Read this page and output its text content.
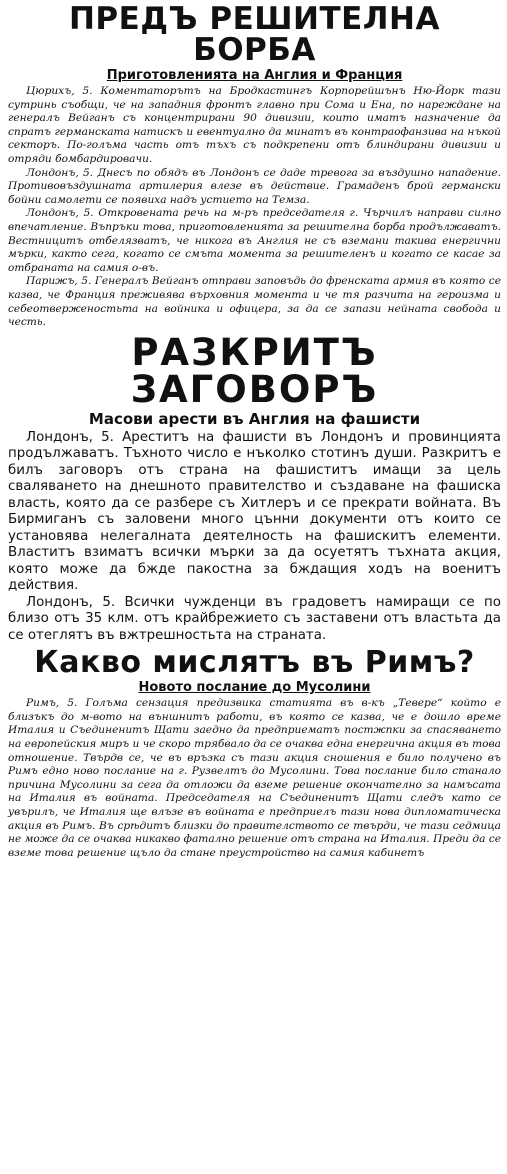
ПРЕДЪ РЕШИТЕЛНА БОРБА
Приготовленията на Англия и Франция

Цюрихъ, 5. Коментаторътъ на Бродкастингъ Корпорейшънъ Ню-Йорк тази сутринь съобщи, че на западния фронтъ главно при Сома и Ена, по нареждане на генералъ Вейганъ съ концентрирани 90 дивизии, които иматъ назначение да спратъ германската натискъ и евентуално да минатъ въ контраофанзива на нъкой секторъ. По-голъма часть отъ тъхъ съ подкрепени отъ блиндирани дивизии и отряди бомбардировачи.

Лондонъ, 5. Днесъ по обядъ въ Лондонъ се даде тревога за въздушно нападение. Противовъздушната артилерия влезе въ действие. Грамаденъ брой германски бойни самолети се появиха надъ устието на Темза.

Лондонъ, 5. Откровената речь на м-ръ председателя г. Чърчилъ направи силно впечатление. Въпръки това, приготовленията за решителна борба продължаватъ. Вестницитъ отбелязватъ, че никога въ Англия не съ вземани такива енергични мърки, както сега, когато се смъта момента за решителенъ и когато се касае за отбраната на самия о-въ.

Парижъ, 5. Генералъ Вейганъ отправи заповъдь до френската армия въ която се казва, че Франция преживява върховния момента и че тя разчита на героизма и себеотверженостьта на войника и офицера, за да се запази нейната свобода и честь.

РАЗКРИТЪ ЗАГОВОРЪ
Масови арести въ Англия на фашисти

Лондонъ, 5. Ареститъ на фашисти въ Лондонъ и провинцията продължаватъ. Тъхното число е нъколко стотинъ души. Разкритъ е билъ заговоръ отъ страна на фашиститъ имащи за цель сваляването на днешното правителство и създаване на фашиска власть, която да се разбере съ Хитлеръ и се прекрати войната. Въ Бирмиганъ съ заловени много цънни документи отъ които се установява нелегалната деятелность на фашискитъ елементи. Властитъ взиматъ всички мърки за да осуетятъ тъхната акция, която може да бжде пакостна за бждащия ходъ на военитъ действия.

Лондонъ, 5. Всички чужденци въ градоветъ намиращи се по близо отъ 35 клм. отъ крайбрежието съ заставени отъ властьта да се отеглятъ въ вжтрешностьта на страната.

Какво мислятъ въ Римъ?
Новото послание до Мусолини

Римъ, 5. Голъма сензация предизвика статията въ в-къ „Тевере“ който е близъкъ до м-вото на външнитъ работи, въ която се казва, че е дошло време Италия и Съединенитъ Щати заедно да предприематъ постжпки за спасяването на европейския миръ и че скоро трябвало да се очаква една енергична акция въ това отношение. Твърдв се, че въ връзка съ тази акция сношения е било получено въ Римъ едно ново послание на г. Рузвелтъ до Мусолини. Това послание било станало причина Мусолини за сега да отложи да вземе решение окончателно за намъсата на Италия въ войната. Председателя на Съединенитъ Щати следъ като се увърилъ, че Италия ще влъзе въ войната е предприелъ тази нова дипломатическа акция въ Римъ. Въ срѣдитъ близки до правителството се твърди, че тази седмица не може да се очаква никакво фатално решение отъ страна на Италия. Преди да се вземе това решение щъло да стане преустройство на самия кабинетъ
